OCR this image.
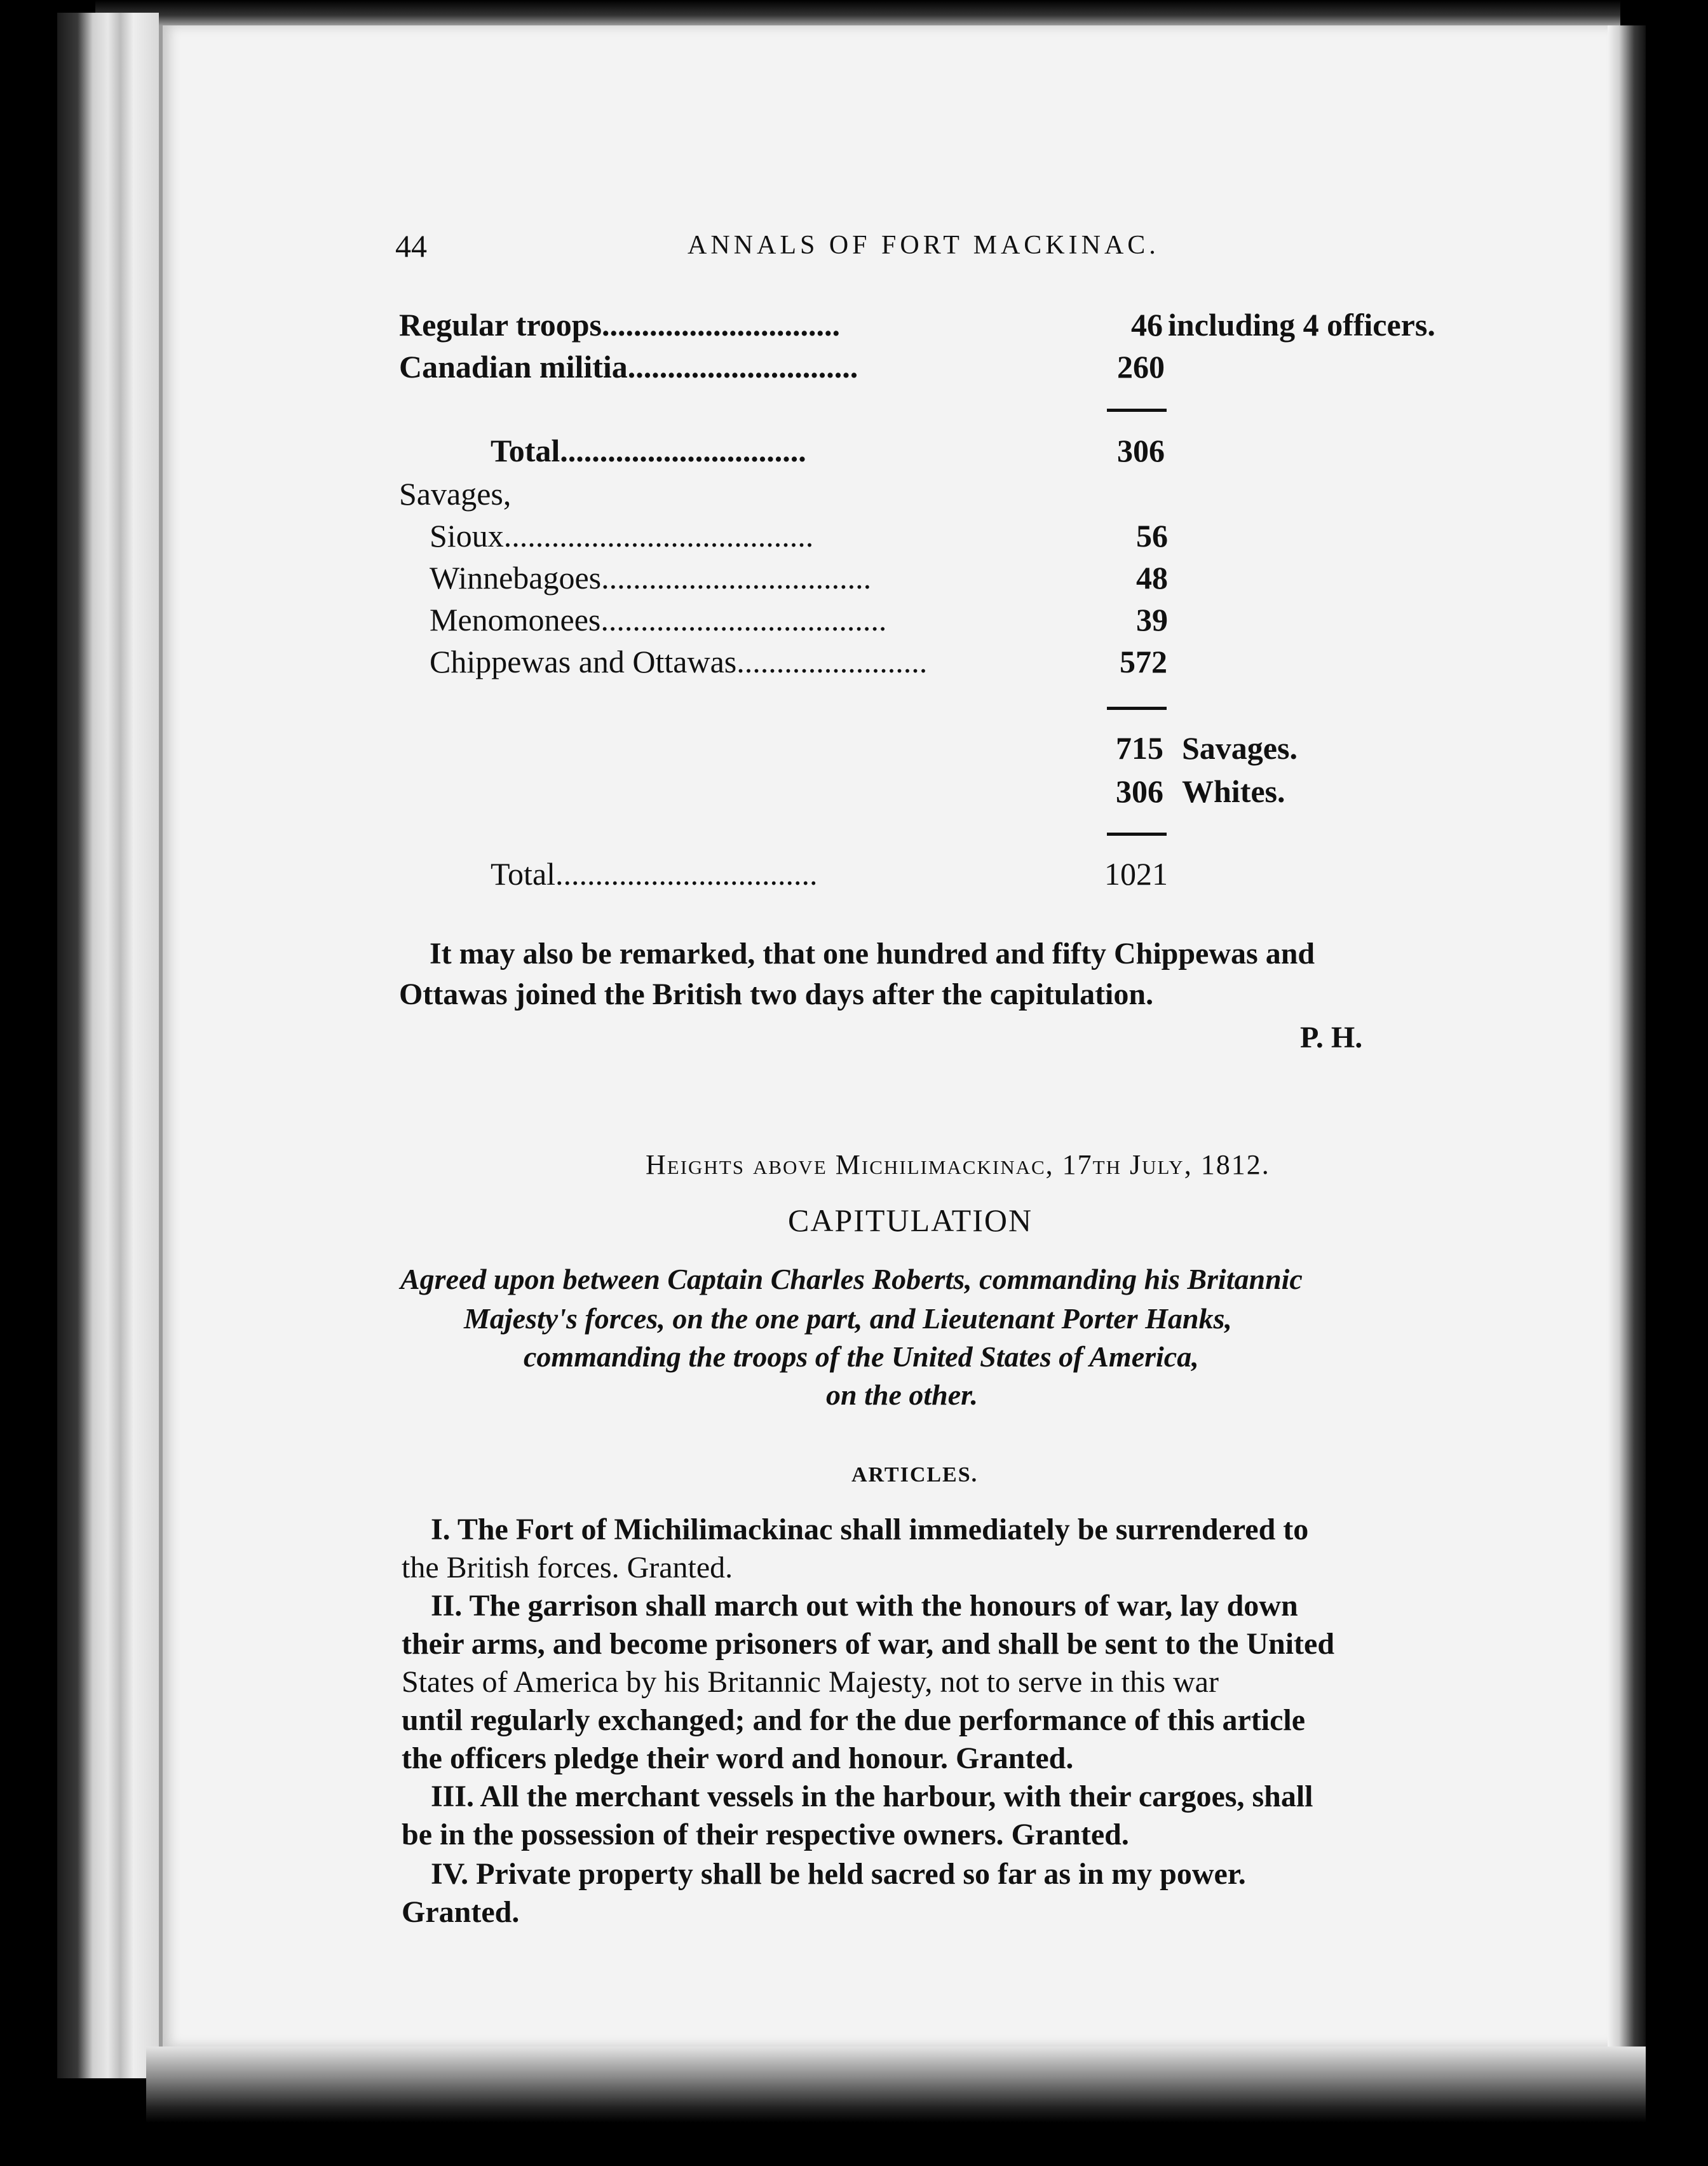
44	ANNALS OF FORT MACKINAC.
Regular troops..............................	46 including 4 officers.
Canadian militia.............................	260
Total...............................	306
Savages,
Sioux.......................................	56
Winnebagoes..................................	48
Menomonees....................................	39
Chippewas and Ottawas........................	572
715 Savages.
306 Whites.
Total.................................	1021
It may also be remarked, that one hundred and fifty Chippewas and
Ottawas joined the British two days after the capitulation.
P. H.
Heights above Michilimackinac, 17th July, 1812.
CAPITULATION
Agreed upon between Captain Charles Roberts, commanding his Britannic
Majesty's forces, on the one part, and Lieutenant Porter Hanks,
commanding the troops of the United States of America,
on the other.
ARTICLES.
I. The Fort of Michilimackinac shall immediately be surrendered to
the British forces. Granted.
II. The garrison shall march out with the honours of war, lay down
their arms, and become prisoners of war, and shall be sent to the United
States of America by his Britannic Majesty, not to serve in this war
until regularly exchanged; and for the due performance of this article
the officers pledge their word and honour. Granted.
III. All the merchant vessels in the harbour, with their cargoes, shall
be in the possession of their respective owners. Granted.
IV. Private property shall be held sacred so far as in my power.
Granted.
